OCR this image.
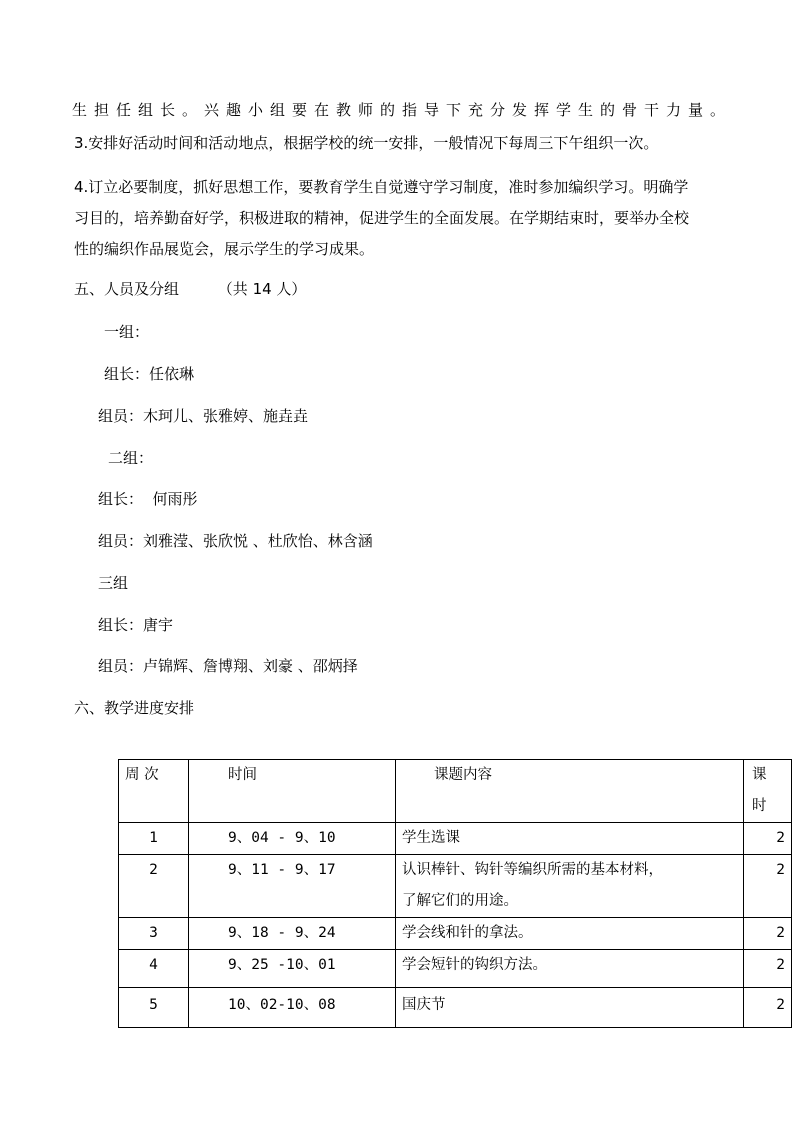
生担任组长。兴趣小组要在教师的指导下充分发挥学生的骨干力量。
3.安排好活动时间和活动地点，根据学校的统一安排，一般情况下每周三下午组织一次。
4.订立必要制度，抓好思想工作，要教育学生自觉遵守学习制度，准时参加编织学习。明确学
习目的，培养勤奋好学，积极进取的精神，促进学生的全面发展。在学期结束时，要举办全校
性的编织作品展览会，展示学生的学习成果。
五、人员及分组	（共 14 人）
一组：
组长：任依琳
组员：木珂儿、张雅婷、施垚垚
二组：
组长：  何雨彤
组员：刘雅滢、张欣悦 、杜欣怡、林含涵
三组
组长：唐宇
组员：卢锦辉、詹博翔、刘豪 、邵炳择
六、教学进度安排
周 次	时间	课题内容	课
时

1	9、04 - 9、10	学生选课	2
2	9、11 - 9、17	认识棒针、钩针等编织所需的基本材料，
了解它们的用途。	2
3	9、18 - 9、24	学会线和针的拿法。	2
4	9、25 -10、01	学会短针的钩织方法。	2
5	10、02-10、08	国庆节	2
